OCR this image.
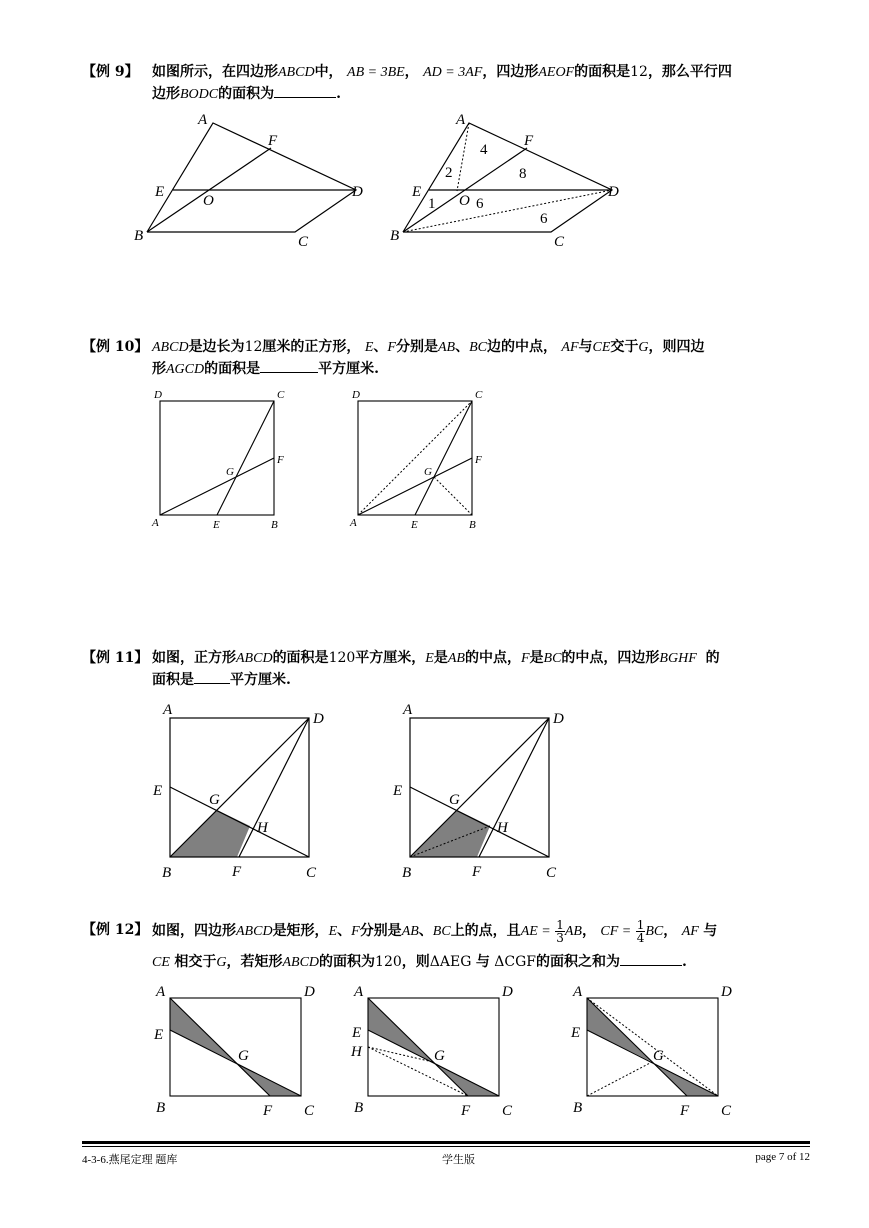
【例 9】 如图所示，在四边形ABCD中， AB = 3BE， AD = 3AF，四边形AEOF的面积是12，那么平行四
边形BODC的面积为	.
A
F
E
O
D
B	C
A
F
E
O
D
B	C
4
2	8
1	6
6
【例 10】 ABCD是边长为12厘米的正方形， E、F分别是AB、BC边的中点， AF与CE交于G，则四边
形AGCD的面积是	平方厘米.
D	C
G
F
A	E	B
D	C
G
F
A	E	B
【例 11】 如图，正方形ABCD的面积是120平方厘米，E是AB的中点，F是BC的中点，四边形BGHF 的
面积是	平方厘米.
A
D
E
G
H
B	F	C
A
D
E
G
H
B	F	C
【例 12】 如图，四边形ABCD是矩形，E、F分别是AB、BC上的点，且AE = $\frac{1}{3}$ AB， CF = $\frac{1}{4}$ BC， AF 与
CE 相交于G，若矩形ABCD的面积为120，则ΔAEG 与 ΔCGF的面积之和为	.
A	D
E
G
B	F C
A	D
E
H	G
B	F C
A	D
E
G
B	F C
4-3-6.燕尾定理 题库	学生版	page 7 of 12
